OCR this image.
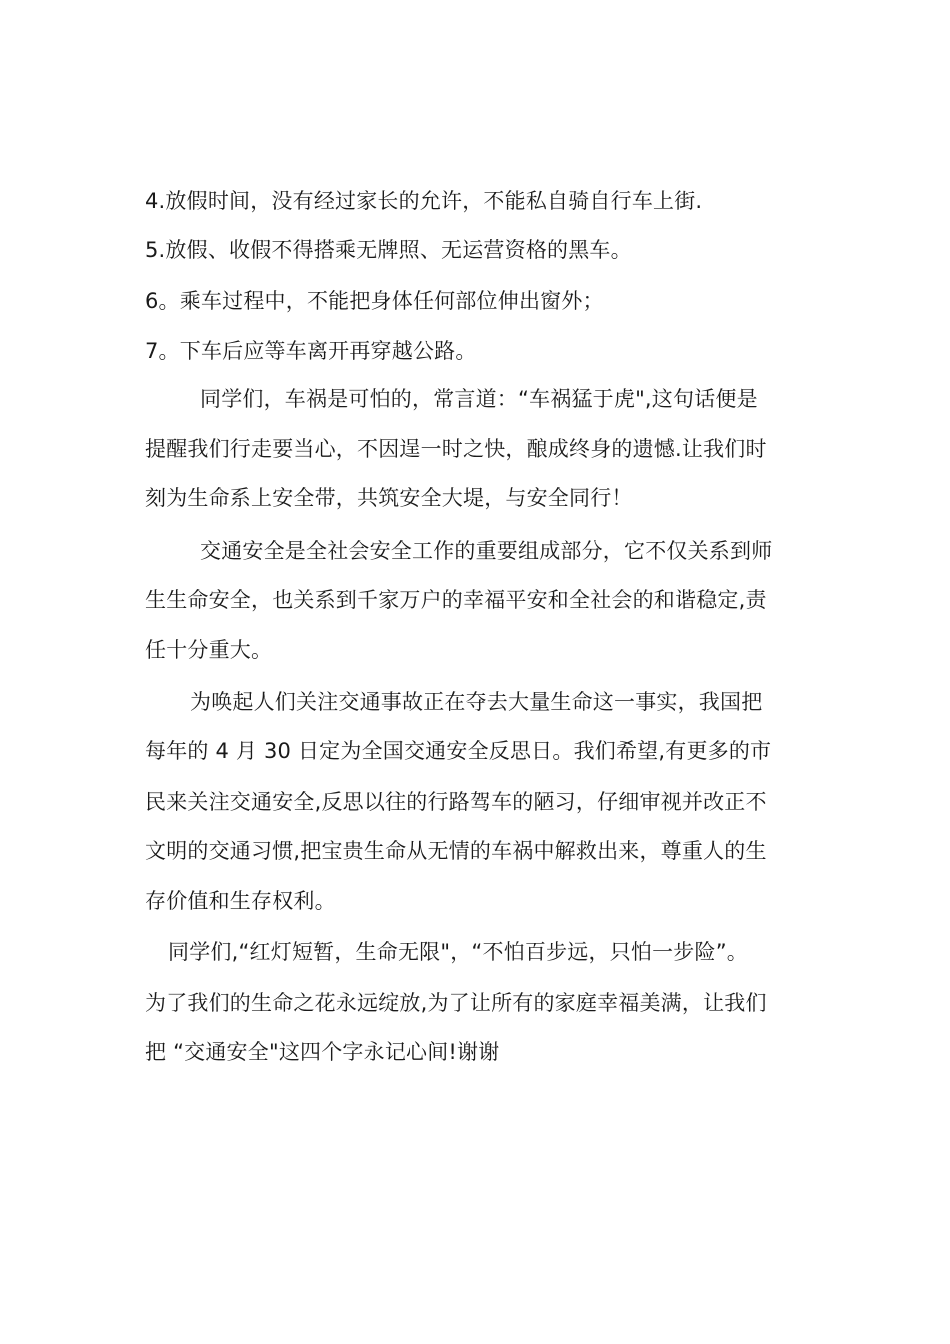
4.放假时间，没有经过家长的允许，不能私自骑自行车上街.
5.放假、收假不得搭乘无牌照、无运营资格的黑车。
6。乘车过程中，不能把身体任何部位伸出窗外；
7。下车后应等车离开再穿越公路。
同学们，车祸是可怕的，常言道：“车祸猛于虎",这句话便是
提醒我们行走要当心，不因逞一时之快，酿成终身的遗憾.让我们时
刻为生命系上安全带，共筑安全大堤，与安全同行！
交通安全是全社会安全工作的重要组成部分，它不仅关系到师
生生命安全，也关系到千家万户的幸福平安和全社会的和谐稳定,责
任十分重大。
为唤起人们关注交通事故正在夺去大量生命这一事实，我国把
每年的 4 月 30 日定为全国交通安全反思日。我们希望,有更多的市
民来关注交通安全,反思以往的行路驾车的陋习，仔细审视并改正不
文明的交通习惯,把宝贵生命从无情的车祸中解救出来，尊重人的生
存价值和生存权利。
同学们,“红灯短暂，生命无限"，“不怕百步远，只怕一步险”。
为了我们的生命之花永远绽放,为了让所有的家庭幸福美满，让我们
把 “交通安全"这四个字永记心间!谢谢
